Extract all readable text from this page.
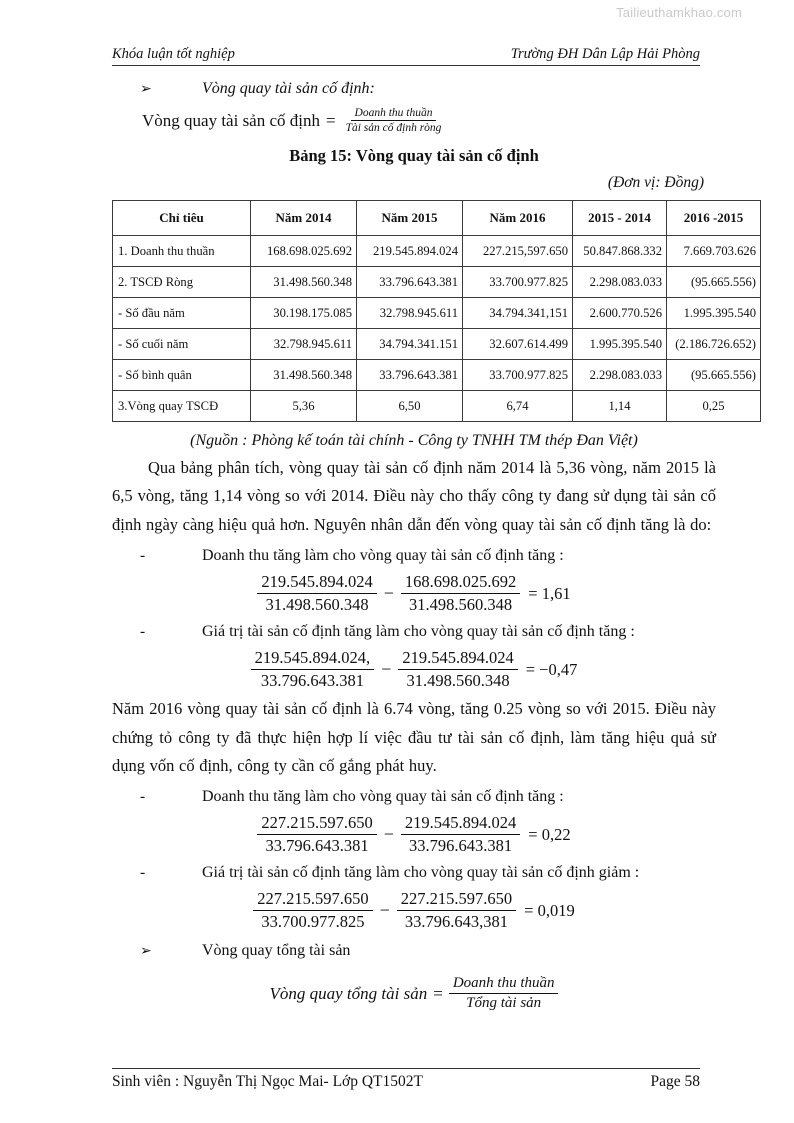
Tailieuthamkhao.com
Khóa luận tốt nghiệp	Trường ĐH Dân Lập Hải Phòng
➢	Vòng quay tài sản cố định:
Vòng quay tài sản cố định = $\frac{\text{Doanh thu thuần}}{\text{Tài sản cố định ròng}}$
Bảng 15: Vòng quay tài sản cố định
(Đơn vị: Đồng)
Chỉ tiêu	Năm 2014	Năm 2015	Năm 2016	2015 - 2014	2016 -2015
1. Doanh thu thuần	168.698.025.692	219.545.894.024	227.215,597.650	50.847.868.332	7.669.703.626
2. TSCĐ Ròng	31.498.560.348	33.796.643.381	33.700.977.825	2.298.083.033	(95.665.556)
- Số đầu năm	30.198.175.085	32.798.945.611	34.794.341,151	2.600.770.526	1.995.395.540
- Số cuối năm	32.798.945.611	34.794.341.151	32.607.614.499	1.995.395.540	(2.186.726.652)
- Số bình quân	31.498.560.348	33.796.643.381	33.700.977.825	2.298.083.033	(95.665.556)
3.Vòng quay TSCĐ	5,36	6,50	6,74	1,14	0,25
(Nguồn : Phòng kế toán tài chính - Công ty TNHH TM thép Đan Việt)

Qua bảng phân tích, vòng quay tài sản cố định năm 2014 là 5,36 vòng, năm 2015 là 6,5 vòng, tăng 1,14 vòng so với 2014. Điều này cho thấy công ty đang sử dụng tài sản cố định ngày càng hiệu quả hơn. Nguyên nhân dẫn đến vòng quay tài sản cố định tăng là do:

-	Doanh thu tăng làm cho vòng quay tài sản cố định tăng :
$\frac{219.545.894.024}{31.498.560.348} - \frac{168.698.025.692}{31.498.560.348} = 1,61$
-	Giá trị tài sản cố định tăng làm cho vòng quay tài sản cố định tăng :
$\frac{219.545.894.024,}{33.796.643.381} - \frac{219.545.894.024}{31.498.560.348} = -0,47$

Năm 2016 vòng quay tài sản cố định là 6.74 vòng, tăng 0.25 vòng so với 2015. Điều này chứng tỏ công ty đã thực hiện hợp lí việc đầu tư tài sản cố định, làm tăng hiệu quả sử dụng vốn cố định, công ty cần cố gắng phát huy.

-	Doanh thu tăng làm cho vòng quay tài sản cố định tăng :
$\frac{227.215.597.650}{33.796.643.381} - \frac{219.545.894.024}{33.796.643.381} = 0,22$
-	Giá trị tài sản cố định tăng làm cho vòng quay tài sản cố định giảm :
$\frac{227.215.597.650}{33.700.977.825} - \frac{227.215.597.650}{33.796.643,381} = 0,019$
➢	Vòng quay tổng tài sản
Vòng quay tổng tài sản = $\frac{\text{Doanh thu thuần}}{\text{Tổng tài sản}}$
Sinh viên : Nguyễn Thị Ngọc Mai- Lớp QT1502T	Page 58
